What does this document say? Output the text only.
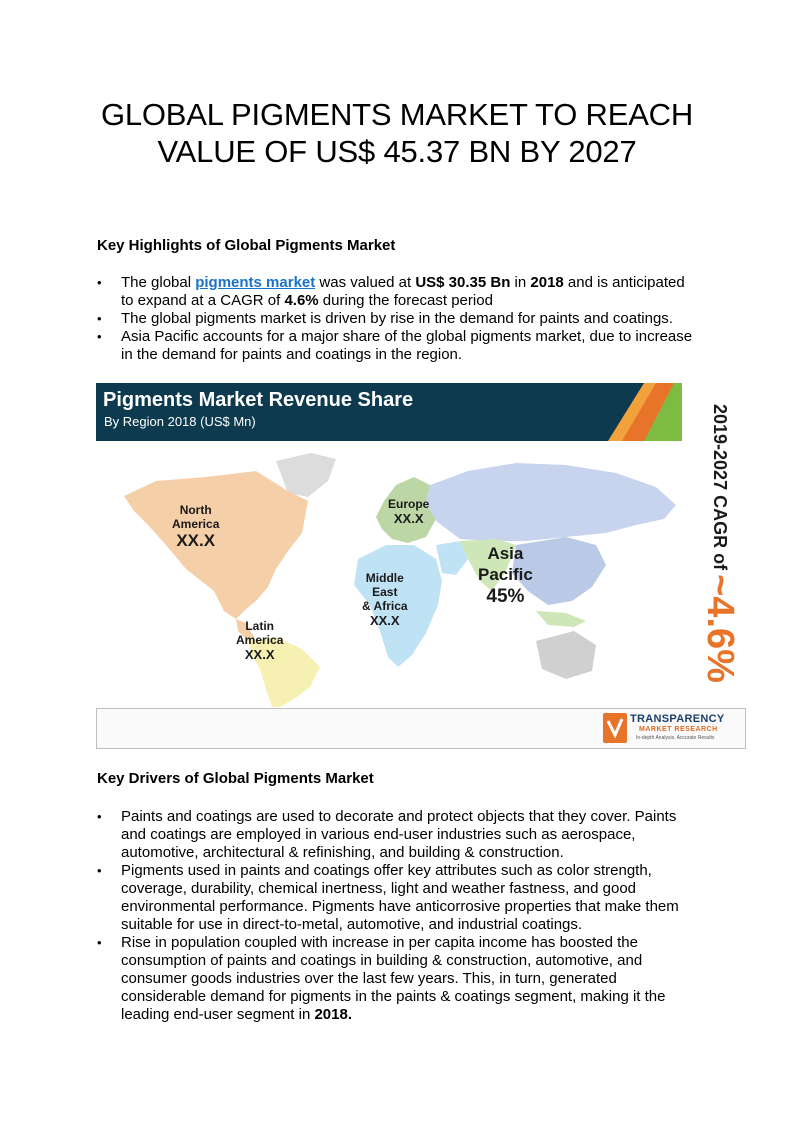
GLOBAL PIGMENTS MARKET TO REACH VALUE OF US$ 45.37 BN BY 2027
Key Highlights of Global Pigments Market
• The global pigments market was valued at US$ 30.35 Bn in 2018 and is anticipated to expand at a CAGR of 4.6% during the forecast period
• The global pigments market is driven by rise in the demand for paints and coatings.
• Asia Pacific accounts for a major share of the global pigments market, due to increase in the demand for paints and coatings in the region.
Pigments Market Revenue Share
By Region 2018 (US$ Mn)
North
America
XX.X
Europe
XX.X
Asia
Pacific
45%
Middle
East
& Africa
XX.X
Latin
America
XX.X
TRANSPARENCY
MARKET RESEARCH
In-depth Analysis. Accurate Results
2019-2027 CAGR of~4.6%
Key Drivers of Global Pigments Market
• Paints and coatings are used to decorate and protect objects that they cover. Paints and coatings are employed in various end-user industries such as aerospace, automotive, architectural & refinishing, and building & construction.
• Pigments used in paints and coatings offer key attributes such as color strength, coverage, durability, chemical inertness, light and weather fastness, and good environmental performance. Pigments have anticorrosive properties that make them suitable for use in direct-to-metal, automotive, and industrial coatings.
• Rise in population coupled with increase in per capita income has boosted the consumption of paints and coatings in building & construction, automotive, and consumer goods industries over the last few years. This, in turn, generated considerable demand for pigments in the paints & coatings segment, making it the leading end-user segment in 2018.
